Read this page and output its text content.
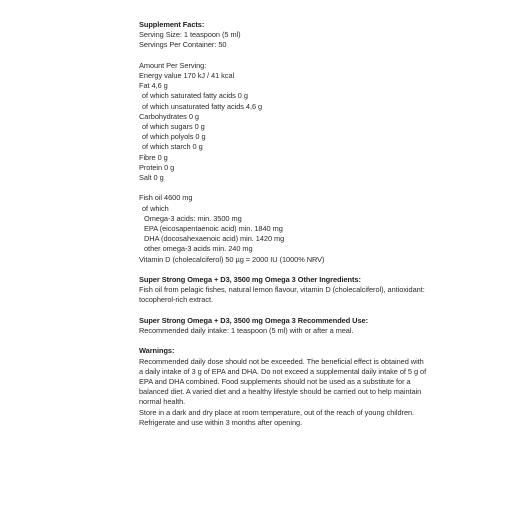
Supplement Facts:
Serving Size: 1 teaspoon (5 ml)
Servings Per Container: 50
Amount Per Serving:
Energy value 170 kJ / 41 kcal
Fat 4,6 g
of which saturated fatty acids 0 g
of which unsaturated fatty acids 4,6 g
Carbohydrates 0 g
of which sugars 0 g
of which polyols 0 g
of which starch 0 g
Fibre 0 g
Protein 0 g
Salt 0 g
Fish oil 4600 mg
of which
Omega-3 acids: min. 3500 mg
EPA (eicosapentaenoic acid) min. 1840 mg
DHA (docosahexaenoic acid) min. 1420 mg
other omega-3 acids min. 240 mg
Vitamin D (cholecalciferol) 50 µg = 2000 IU (1000% NRV)
Super Strong Omega + D3, 3500 mg Omega 3 Other Ingredients:
Fish oil from pelagic fishes, natural lemon flavour, vitamin D (cholecalciferol), antioxidant: tocopherol-rich extract.
Super Strong Omega + D3, 3500 mg Omega 3 Recommended Use:
Recommended daily intake: 1 teaspoon (5 ml) with or after a meal.
Warnings:
Recommended daily dose should not be exceeded. The beneficial effect is obtained with a daily intake of 3 g of EPA and DHA. Do not exceed a supplemental daily intake of 5 g of EPA and DHA combined. Food supplements should not be used as a substitute for a balanced diet. A varied diet and a healthy lifestyle should be carried out to help maintain normal health.
Store in a dark and dry place at room temperature, out of the reach of young children. Refrigerate and use within 3 months after opening.
